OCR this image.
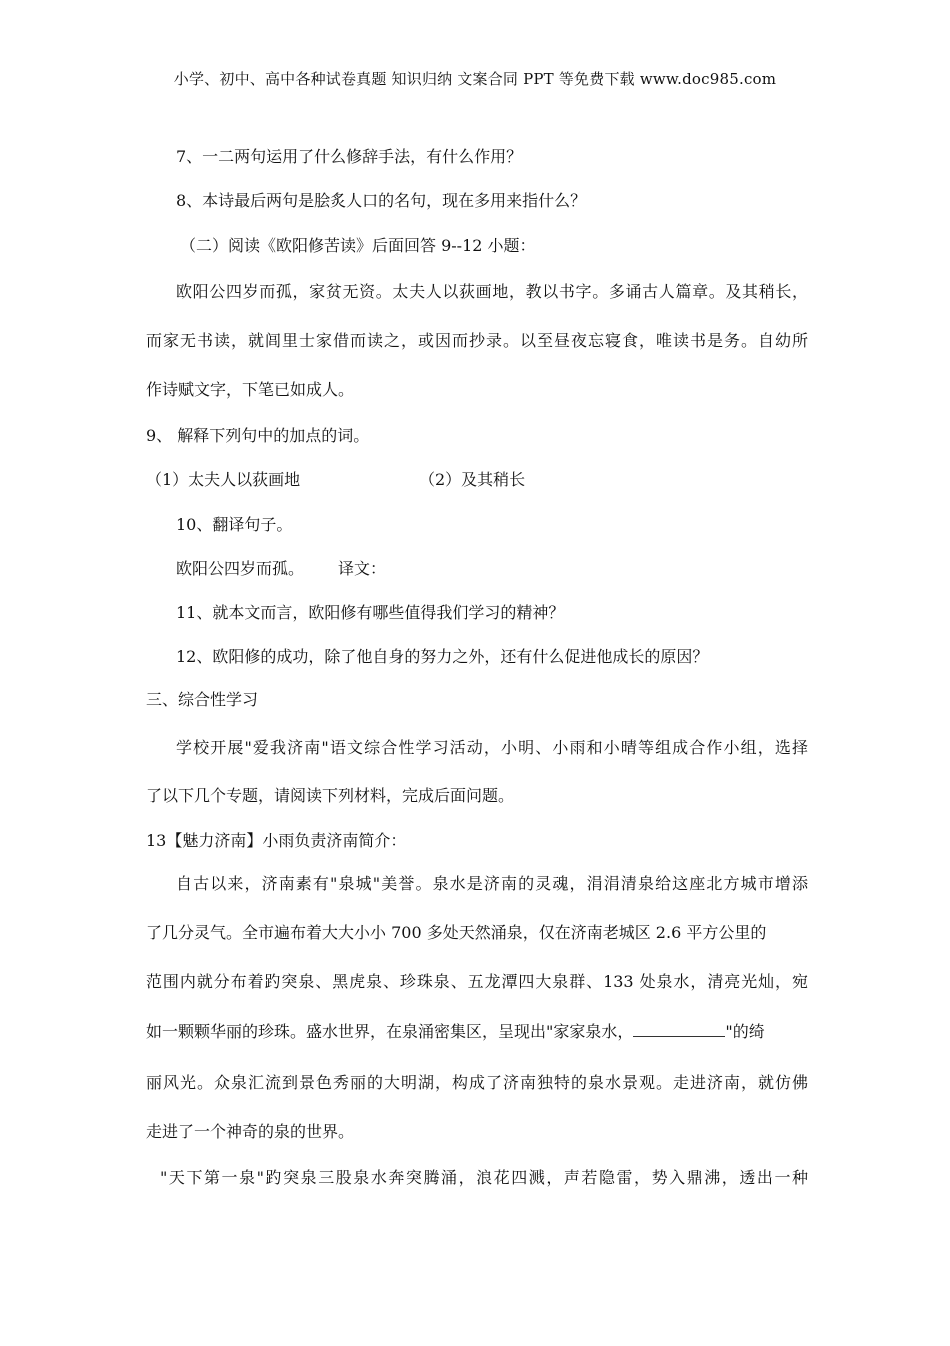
小学、初中、高中各种试卷真题 知识归纳 文案合同 PPT 等免费下载 www.doc985.com
7、一二两句运用了什么修辞手法，有什么作用？
8、本诗最后两句是脍炙人口的名句，现在多用来指什么？
（二）阅读《欧阳修苦读》后面回答 9--12 小题：
欧阳公四岁而孤，家贫无资。太夫人以荻画地，教以书字。多诵古人篇章。及其稍长，
而家无书读，就闾里士家借而读之，或因而抄录。以至昼夜忘寝食，唯读书是务。自幼所
作诗赋文字，下笔已如成人。
9、 解释下列句中的加点的词。
（1）太夫人以荻画地	（2）及其稍长
10、翻译句子。
欧阳公四岁而孤。 译文：
11、就本文而言，欧阳修有哪些值得我们学习的精神？
12、欧阳修的成功，除了他自身的努力之外，还有什么促进他成长的原因？
三、综合性学习
学校开展"爱我济南"语文综合性学习活动，小明、小雨和小晴等组成合作小组，选择
了以下几个专题，请阅读下列材料，完成后面问题。
13【魅力济南】小雨负责济南简介：
自古以来，济南素有"泉城"美誉。泉水是济南的灵魂，涓涓清泉给这座北方城市增添
了几分灵气。全市遍布着大大小小 700 多处天然涌泉，仅在济南老城区 2.6 平方公里的
范围内就分布着趵突泉、黑虎泉、珍珠泉、五龙潭四大泉群、133 处泉水，清亮光灿，宛
如一颗颗华丽的珍珠。盛水世界，在泉涌密集区，呈现出"家家泉水，	"的绮
丽风光。众泉汇流到景色秀丽的大明湖，构成了济南独特的泉水景观。走进济南，就仿佛
走进了一个神奇的泉的世界。
"天下第一泉"趵突泉三股泉水奔突腾涌，浪花四溅，声若隐雷，势入鼎沸，透出一种
